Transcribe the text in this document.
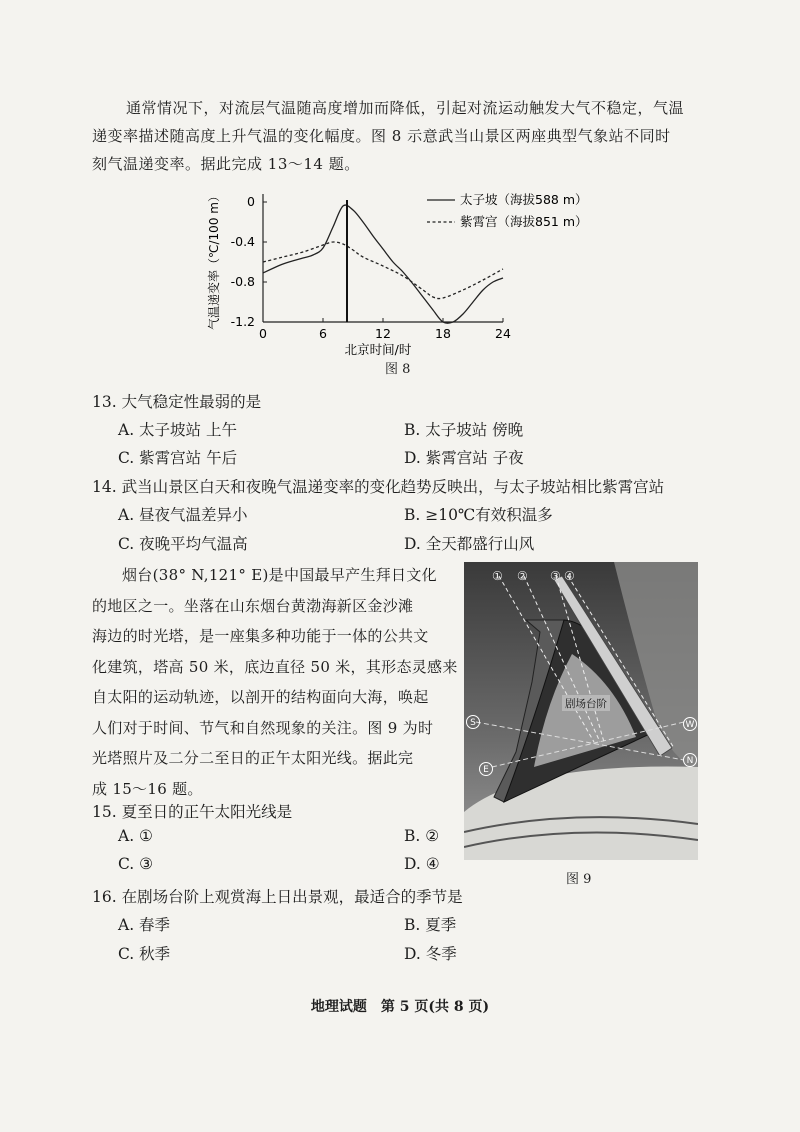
通常情况下，对流层气温随高度增加而降低，引起对流运动触发大气不稳定，气温
递变率描述随高度上升气温的变化幅度。图 8 示意武当山景区两座典型气象站不同时
刻气温递变率。据此完成 13～14 题。
0	6	12	18	24
0
-0.4
-0.8
-1.2
气温递变率（℃/100 m）
北京时间/时
太子坡（海拔588 m）
紫霄宫（海拔851 m）
图 8
13. 大气稳定性最弱的是
A. 太子坡站 上午	B. 太子坡站 傍晚
C. 紫霄宫站 午后	D. 紫霄宫站 子夜
14. 武当山景区白天和夜晚气温递变率的变化趋势反映出，与太子坡站相比紫霄宫站
A. 昼夜气温差异小	B. ≥10℃有效积温多
C. 夜晚平均气温高	D. 全天都盛行山风
烟台(38° N,121° E)是中国最早产生拜日文化
的地区之一。坐落在山东烟台黄渤海新区金沙滩
海边的时光塔，是一座集多种功能于一体的公共文
化建筑，塔高 50 米，底边直径 50 米，其形态灵感来
自太阳的运动轨迹，以剖开的结构面向大海，唤起
人们对于时间、节气和自然现象的关注。图 9 为时
光塔照片及二分二至日的正午太阳光线。据此完
成 15～16 题。
① ② ③ ④
剧场台阶
S	W
E
N
图 9
15. 夏至日的正午太阳光线是
A. ①	B. ②
C. ③	D. ④
16. 在剧场台阶上观赏海上日出景观，最适合的季节是
A. 春季	B. 夏季
C. 秋季	D. 冬季
地理试题　第 5 页(共 8 页)
